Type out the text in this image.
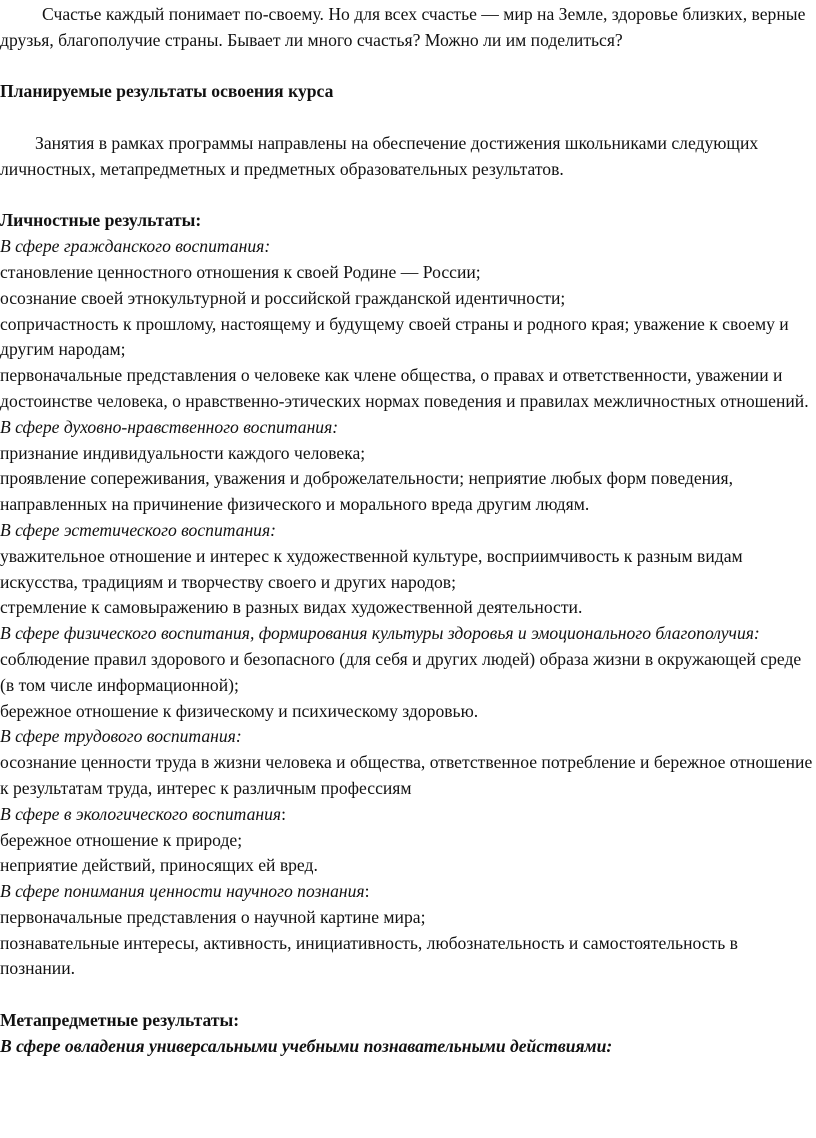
Счастье каждый понимает по-своему. Но для всех счастье — мир на Земле, здоровье близких, верные друзья, благополучие страны. Бывает ли много счастья? Можно ли им поделиться?

Планируемые результаты освоения курса

Занятия в рамках программы направлены на обеспечение достижения школьниками следующих личностных, метапредметных и предметных образовательных результатов.

Личностные результаты:

В сфере гражданского воспитания:

становление ценностного отношения к своей Родине — России;

осознание своей этнокультурной и российской гражданской идентичности;

сопричастность к прошлому, настоящему и будущему своей страны и родного края; уважение к своему и другим народам;

первоначальные представления о человеке как члене общества, о правах и ответственности, уважении и достоинстве человека, о нравственно-этических нормах поведения и правилах межличностных отношений.

В сфере духовно-нравственного воспитания:

признание индивидуальности каждого человека;

проявление сопереживания, уважения и доброжелательности; неприятие любых форм поведения, направленных на причинение физического и морального вреда другим людям.

В сфере эстетического воспитания:

уважительное отношение и интерес к художественной культуре, восприимчивость к разным видам искусства, традициям и творчеству своего и других народов;

стремление к самовыражению в разных видах художественной деятельности.

В сфере физического воспитания, формирования культуры здоровья и эмоционального благополучия:

соблюдение правил здорового и безопасного (для себя и других людей) образа жизни в окружающей среде (в том числе информационной);

бережное отношение к физическому и психическому здоровью.

В сфере трудового воспитания:

осознание ценности труда в жизни человека и общества, ответственное потребление и бережное отношение к результатам труда, интерес к различным профессиям

В сфере в экологического воспитания:

бережное отношение к природе;

неприятие действий, приносящих ей вред.

В сфере понимания ценности научного познания:

первоначальные представления о научной картине мира;

познавательные интересы, активность, инициативность, любознательность и самостоятельность в познании.

Метапредметные результаты:

В сфере овладения универсальными учебными познавательными действиями:
